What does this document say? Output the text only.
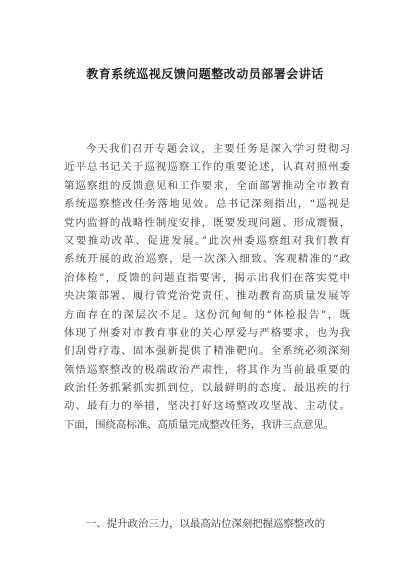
教育系统巡视反馈问题整改动员部署会讲话
今天我们召开专题会议，主要任务是深入学习贯彻习
近平总书记关于巡视巡察工作的重要论述，认真对照州委
第巡察组的反馈意见和工作要求，全面部署推动全市教育
系统巡察整改任务落地见效。总书记深刻指出，“巡视是
党内监督的战略性制度安排，既要发现问题、形成震慑，
又要推动改革、促进发展。”此次州委巡察组对我们教育
系统开展的政治巡察，是一次深入细致、客观精准的“政
治体检”，反馈的问题直指要害，揭示出我们在落实党中
央决策部署、履行管党治党责任、推动教育高质量发展等
方面存在的深层次不足。这份沉甸甸的“体检报告”，既
体现了州委对市教育事业的关心厚爱与严格要求，也为我
们刮骨疗毒、固本强新提供了精准靶向。全系统必须深刻
领悟巡察整改的极端政治严肃性，将其作为当前最重要的
政治任务抓紧抓实抓到位，以最鲜明的态度、最迅疾的行
动、最有力的举措，坚决打好这场整改攻坚战、主动仗。
下面，围绕高标准、高质量完成整改任务，我讲三点意见。
一、提升政治三力，以最高站位深刻把握巡察整改的
